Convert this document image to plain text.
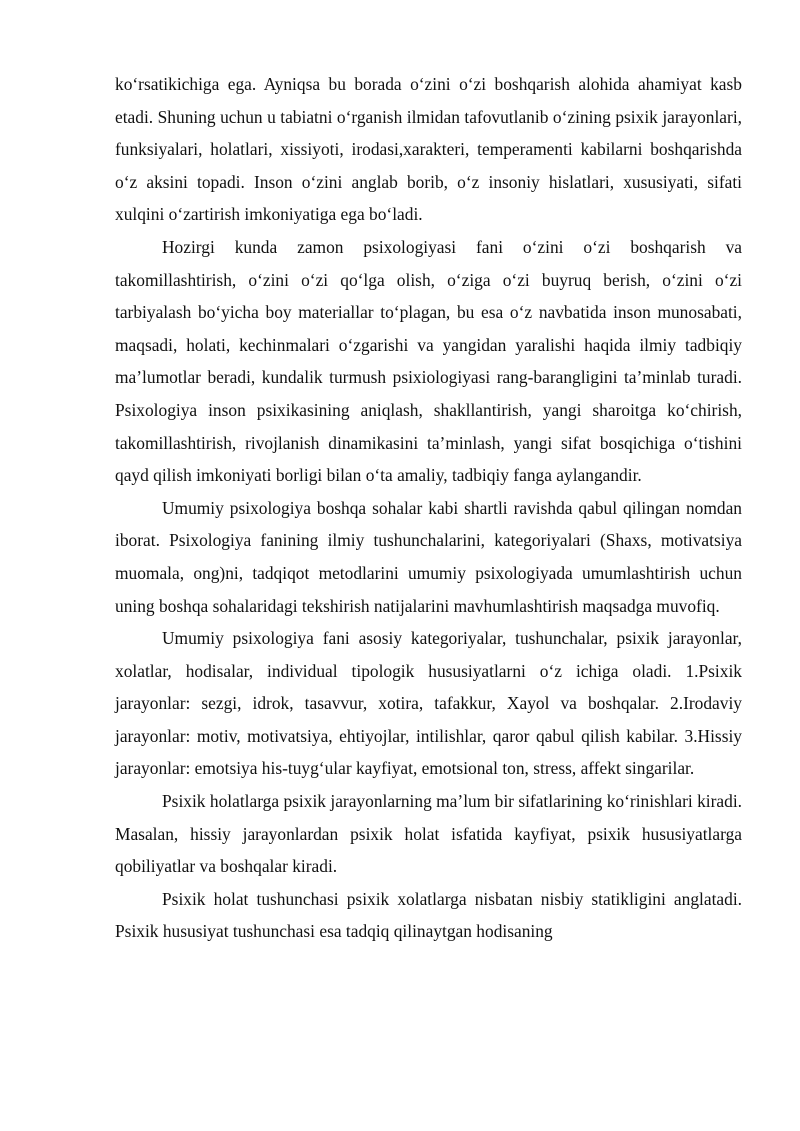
ko‘rsatikichiga ega. Ayniqsa bu borada o‘zini o‘zi boshqarish alohida ahamiyat kasb etadi. Shuning uchun u tabiatni o‘rganish ilmidan tafovutlanib o‘zining psixik jarayonlari, funksiyalari, holatlari, xissiyoti, irodasi,xarakteri, temperamenti kabilarni boshqarishda o‘z aksini topadi. Inson o‘zini anglab borib, o‘z insoniy hislatlari, xususiyati, sifati xulqini o‘zartirish imkoniyatiga ega bo‘ladi.

Hozirgi kunda zamon psixologiyasi fani o‘zini o‘zi boshqarish va takomillashtirish, o‘zini o‘zi qo‘lga olish, o‘ziga o‘zi buyruq berish, o‘zini o‘zi tarbiyalash bo‘yicha boy materiallar to‘plagan, bu esa o‘z navbatida inson munosabati, maqsadi, holati, kechinmalari o‘zgarishi va yangidan yaralishi haqida ilmiy tadbiqiy ma’lumotlar beradi, kundalik turmush psixiologiyasi rang-barangligini ta’minlab turadi. Psixologiya inson psixikasining aniqlash, shakllantirish, yangi sharoitga ko‘chirish, takomillashtirish, rivojlanish dinamikasini ta’minlash, yangi sifat bosqichiga o‘tishini qayd qilish imkoniyati borligi bilan o‘ta amaliy, tadbiqiy fanga aylangandir.

Umumiy psixologiya boshqa sohalar kabi shartli ravishda qabul qilingan nomdan iborat. Psixologiya fanining ilmiy tushunchalarini, kategoriyalari (Shaxs, motivatsiya muomala, ong)ni, tadqiqot metodlarini umumiy psixologiyada umumlashtirish uchun uning boshqa sohalaridagi tekshirish natijalarini mavhumlashtirish maqsadga muvofiq.

Umumiy psixologiya fani asosiy kategoriyalar, tushunchalar, psixik jarayonlar, xolatlar, hodisalar, individual tipologik hususiyatlarni o‘z ichiga oladi. 1.Psixik jarayonlar: sezgi, idrok, tasavvur, xotira, tafakkur, Xayol va boshqalar. 2.Irodaviy jarayonlar: motiv, motivatsiya, ehtiyojlar, intilishlar, qaror qabul qilish kabilar. 3.Hissiy jarayonlar: emotsiya his-tuyg‘ular kayfiyat, emotsional ton, stress, affekt singarilar.

Psixik holatlarga psixik jarayonlarning ma’lum bir sifatlarining ko‘rinishlari kiradi. Masalan, hissiy jarayonlardan psixik holat isfatida kayfiyat, psixik hususiyatlarga qobiliyatlar va boshqalar kiradi.

Psixik holat tushunchasi psixik xolatlarga nisbatan nisbiy statikligini anglatadi. Psixik hususiyat tushunchasi esa tadqiq qilinaytgan hodisaning
